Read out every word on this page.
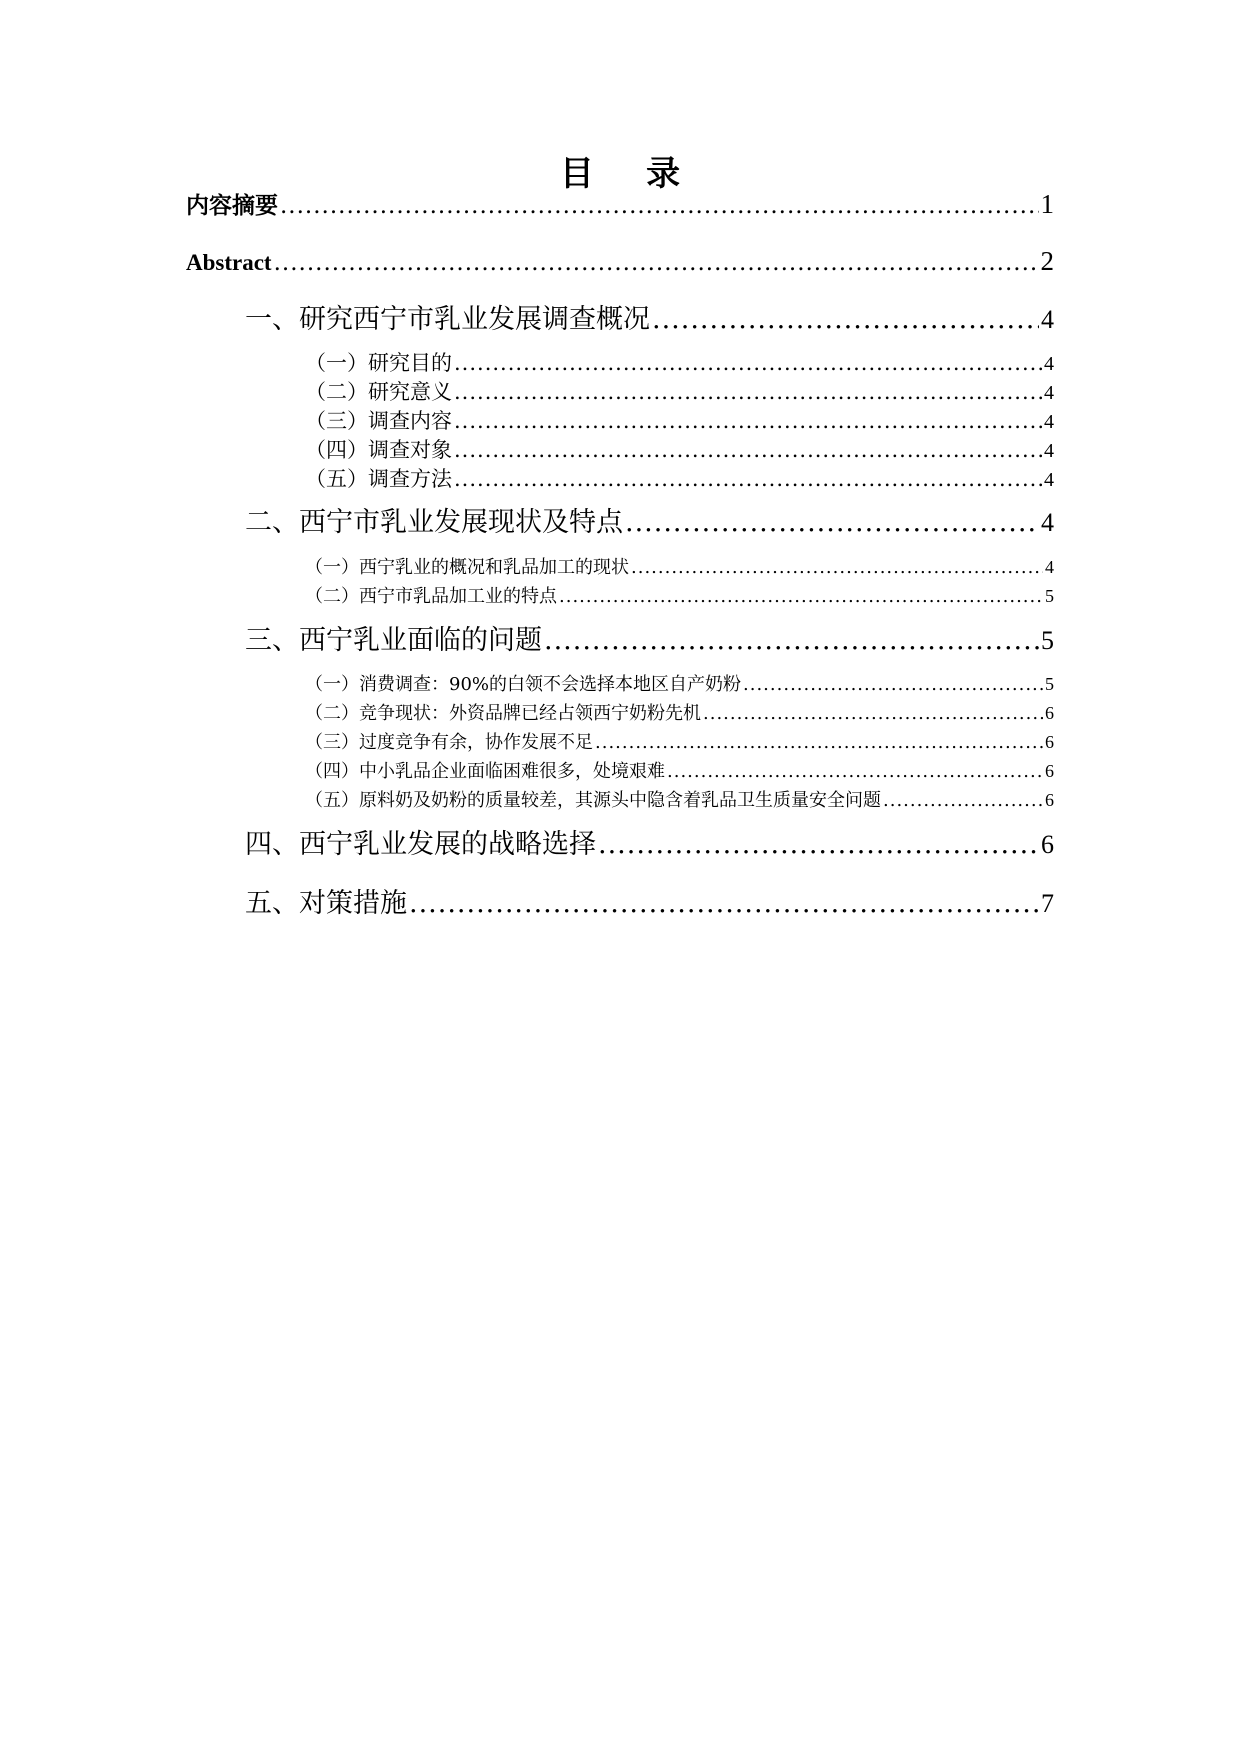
目    录
内容摘要 .....	1
Abstract .....	2
一、研究西宁市乳业发展调查概况 .....	4
（一）研究目的 .....	4
（二）研究意义 .....	4
（三）调查内容 .....	4
（四）调查对象 .....	4
（五）调查方法 .....	4
二、西宁市乳业发展现状及特点 .....	4
（一）西宁乳业的概况和乳品加工的现状 .....	4
（二）西宁市乳品加工业的特点 .....	5
三、西宁乳业面临的问题 .....	5
（一）消费调查：90%的白领不会选择本地区自产奶粉 .....	5
（二）竞争现状：外资品牌已经占领西宁奶粉先机 .....	6
（三）过度竞争有余，协作发展不足 .....	6
（四）中小乳品企业面临困难很多，处境艰难 .....	6
（五）原料奶及奶粉的质量较差，其源头中隐含着乳品卫生质量安全问题 .....	6
四、西宁乳业发展的战略选择 .....	6
五、对策措施 .....	7
